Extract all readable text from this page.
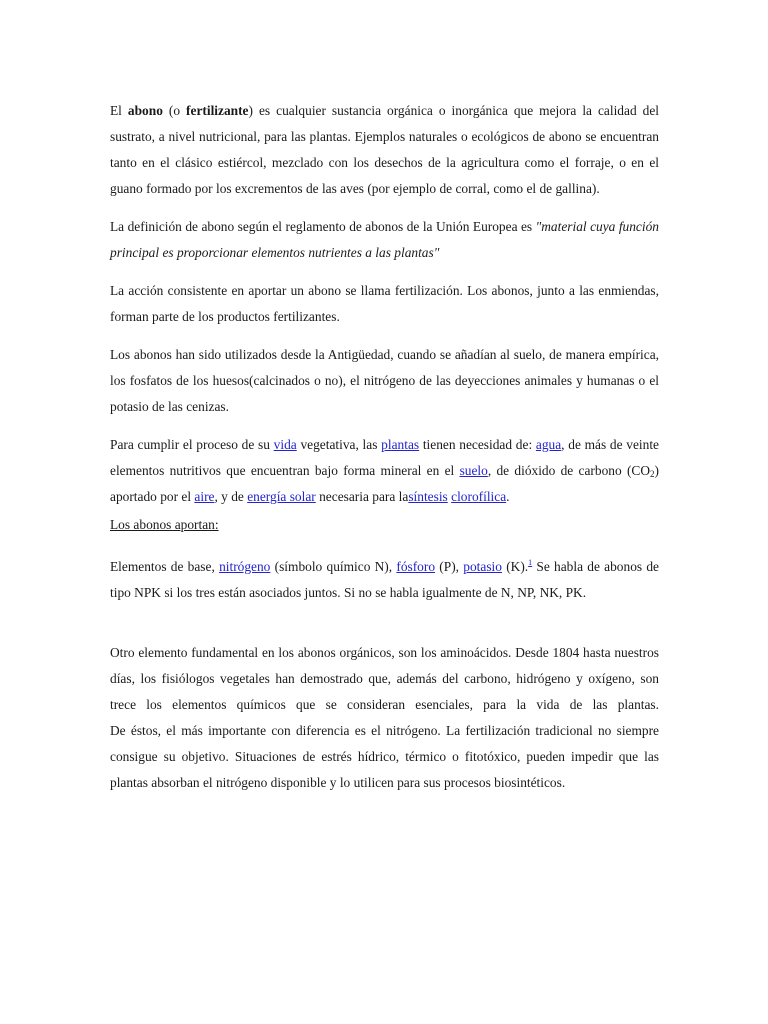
El abono (o fertilizante) es cualquier sustancia orgánica o inorgánica que mejora la calidad del sustrato, a nivel nutricional, para las plantas. Ejemplos naturales o ecológicos de abono se encuentran tanto en el clásico estiércol, mezclado con los desechos de la agricultura como el forraje, o en el guano formado por los excrementos de las aves (por ejemplo de corral, como el de gallina).

La definición de abono según el reglamento de abonos de la Unión Europea es "material cuya función principal es proporcionar elementos nutrientes a las plantas"

La acción consistente en aportar un abono se llama fertilización. Los abonos, junto a las enmiendas, forman parte de los productos fertilizantes.

Los abonos han sido utilizados desde la Antigüedad, cuando se añadían al suelo, de manera empírica, los fosfatos de los huesos(calcinados o no), el nitrógeno de las deyecciones animales y humanas o el potasio de las cenizas.

Para cumplir el proceso de su vida vegetativa, las plantas tienen necesidad de: agua, de más de veinte elementos nutritivos que encuentran bajo forma mineral en el suelo, de dióxido de carbono $(CO_2)$ aportado por el aire, y de energía solar necesaria para lasíntesis clorofílica.

Los abonos aportan:

Elementos de base, nitrógeno (símbolo químico N), fósforo (P), potasio (K).$^1$ Se habla de abonos de tipo NPK si los tres están asociados juntos. Si no se habla igualmente de N, NP, NK, PK.

Otro elemento fundamental en los abonos orgánicos, son los aminoácidos. Desde 1804 hasta nuestros días, los fisiólogos vegetales han demostrado que, además del carbono, hidrógeno y oxígeno, son trece los elementos químicos que se consideran esenciales, para la vida de las plantas.

De éstos, el más importante con diferencia es el nitrógeno. La fertilización tradicional no siempre consigue su objetivo. Situaciones de estrés hídrico, térmico o fitotóxico, pueden impedir que las plantas absorban el nitrógeno disponible y lo utilicen para sus procesos biosintéticos.
